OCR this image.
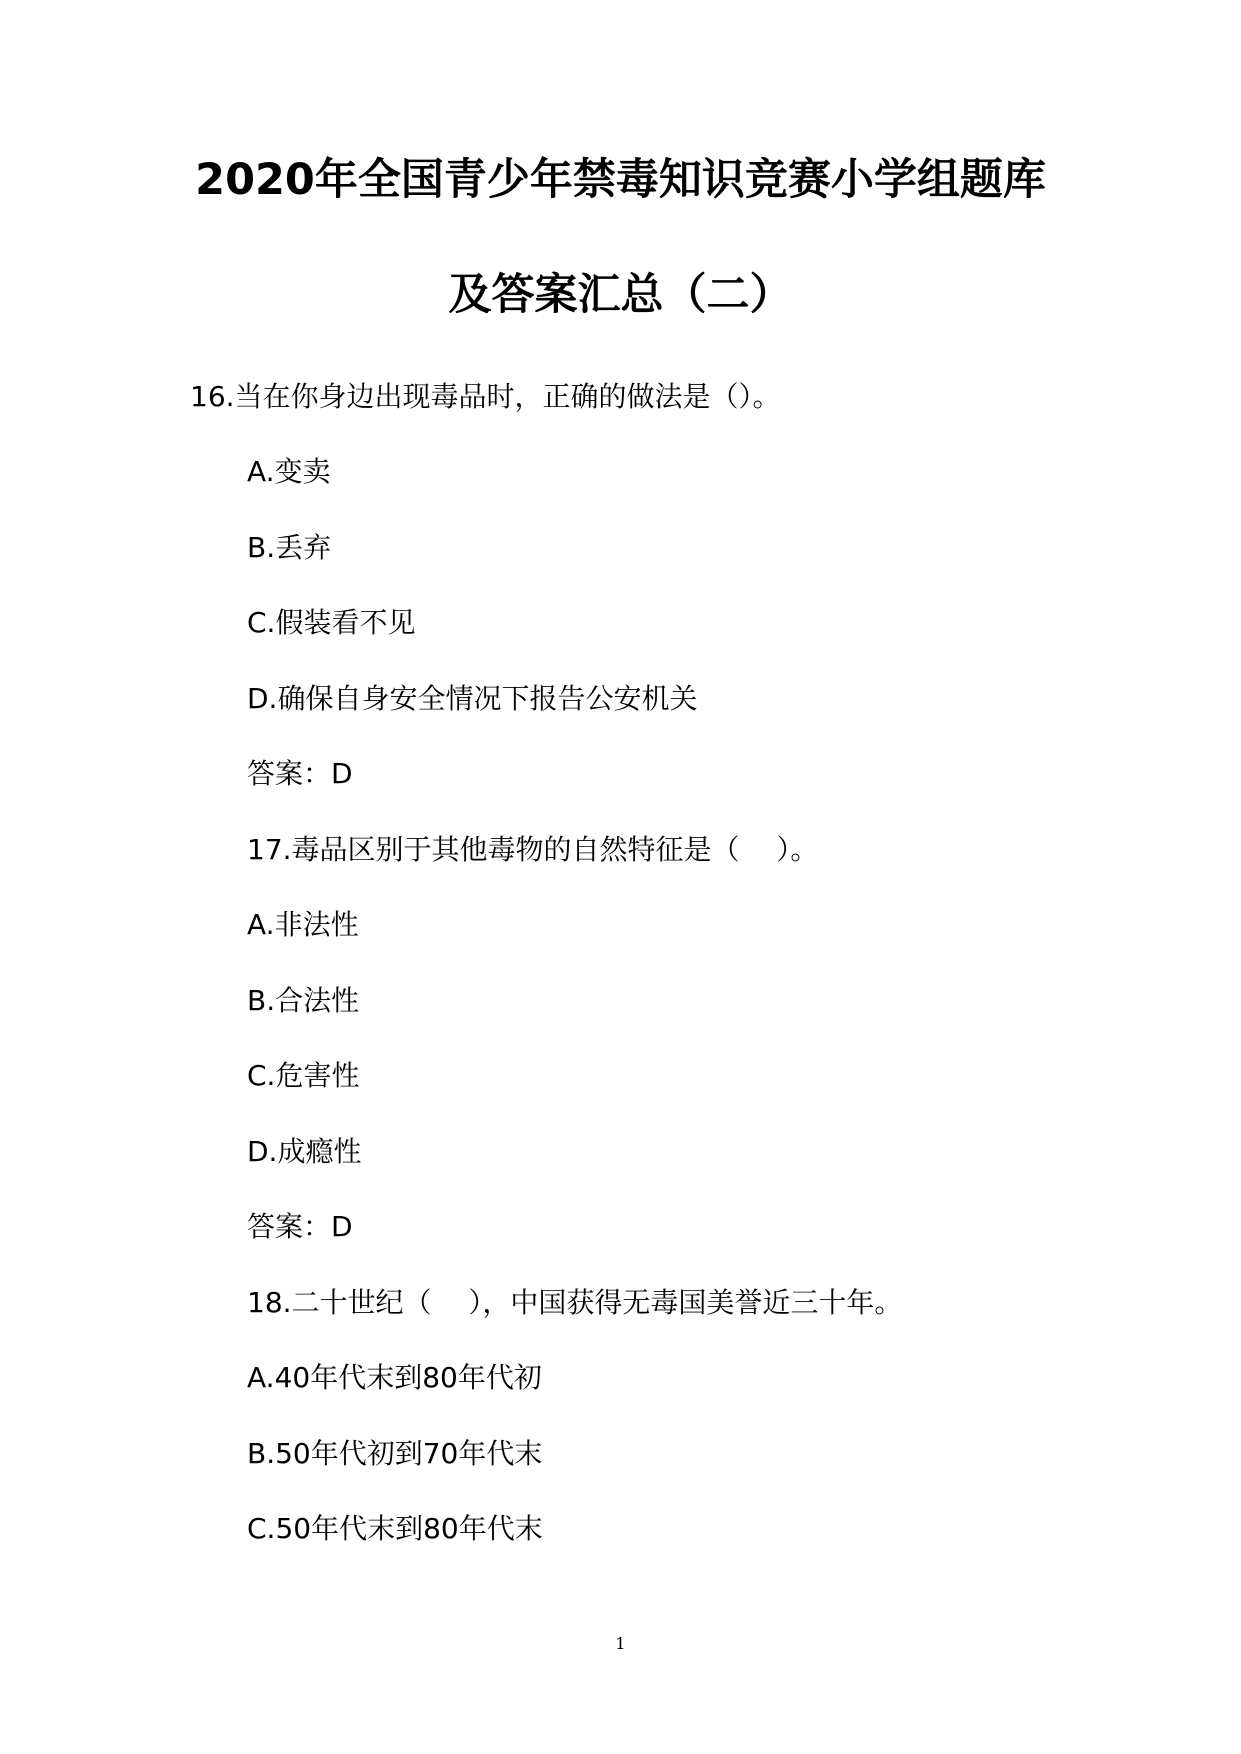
2020年全国青少年禁毒知识竞赛小学组题库
及答案汇总（二）
16.当在你身边出现毒品时，正确的做法是（）。
A.变卖
B.丢弃
C.假装看不见
D.确保自身安全情况下报告公安机关
答案：D
17.毒品区别于其他毒物的自然特征是（　 ）。
A.非法性
B.合法性
C.危害性
D.成瘾性
答案：D
18.二十世纪（　 ），中国获得无毒国美誉近三十年。
A.40年代末到80年代初
B.50年代初到70年代末
C.50年代末到80年代末
1
